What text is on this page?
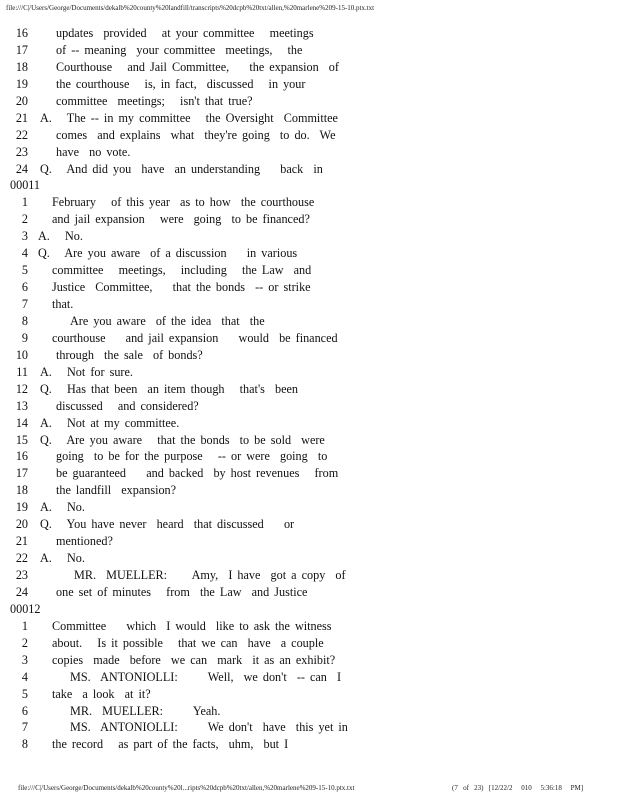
file:///C|/Users/George/Documents/dekalb%20county%20landfill/transcripts%20dcpb%20txt/allen,%20marlene%209-15-10.ptx.txt
16 updates  provided   at your committee   meetings
17 of -- meaning  your committee  meetings,   the
18 Courthouse   and Jail Committee,    the expansion  of
19 the courthouse   is, in fact,  discussed   in your
20 committee  meetings;   isn't that true?
21 A.   The -- in my committee   the Oversight  Committee
22 comes  and explains  what  they're going  to do.  We
23 have  no vote.
24 Q.   And did you  have  an understanding    back  in
00011
1 February   of this year  as to how  the courthouse
2 and jail expansion   were  going  to be financed?
3 A.   No.
4 Q.   Are you aware  of a discussion    in various
5 committee   meetings,   including   the Law  and
6 Justice  Committee,    that the bonds  -- or strike
7 that.
8	Are you aware  of the idea  that  the
9 courthouse    and jail expansion    would  be financed
10 through  the sale  of bonds?
11 A.   Not for sure.
12 Q.   Has that been  an item though   that's  been
13 discussed   and considered?
14 A.   Not at my committee.
15 Q.   Are you aware   that the bonds  to be sold  were
16 going  to be for the purpose   -- or were  going  to
17 be guaranteed    and backed  by host revenues   from
18 the landfill  expansion?
19 A.   No.
20 Q.   You have never  heard  that discussed    or
21 mentioned?
22 A.   No.
23	MR.  MUELLER:     Amy,  I have  got a copy  of
24 one set of minutes   from  the Law  and Justice
00012
1 Committee    which  I would  like to ask the witness
2 about.   Is it possible   that we can  have  a couple
3 copies  made  before  we can  mark  it as an exhibit?
4	MS.  ANTONIOLLI:      Well,  we don't  -- can  I
5 take  a look  at it?
6	MR.  MUELLER:      Yeah.
7	MS.  ANTONIOLLI:      We don't  have  this yet in
8 the record   as part of the facts,  uhm,  but I
file:///C|/Users/George/Documents/dekalb%20county%20l...ripts%20dcpb%20txt/allen,%20marlene%209-15-10.ptx.txt	(7   of   23)   [12/22/2     010     5:36:18     PM]
